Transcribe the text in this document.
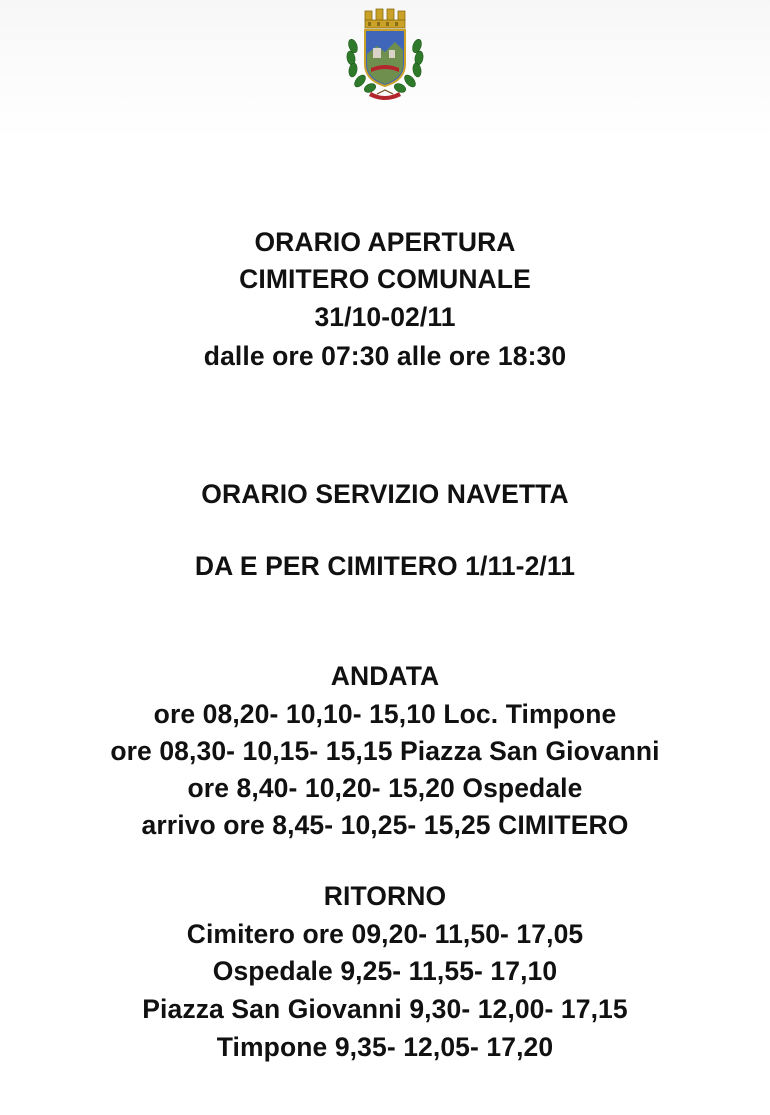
ORARIO APERTURA
CIMITERO COMUNALE
31/10-02/11
dalle ore 07:30 alle ore 18:30
ORARIO SERVIZIO NAVETTA
DA E PER CIMITERO 1/11-2/11
ANDATA
ore 08,20- 10,10- 15,10 Loc. Timpone
ore 08,30- 10,15- 15,15 Piazza San Giovanni
ore 8,40- 10,20- 15,20 Ospedale
arrivo ore 8,45- 10,25- 15,25 CIMITERO
RITORNO
Cimitero ore 09,20- 11,50- 17,05
Ospedale 9,25- 11,55- 17,10
Piazza San Giovanni 9,30- 12,00- 17,15
Timpone 9,35- 12,05- 17,20
